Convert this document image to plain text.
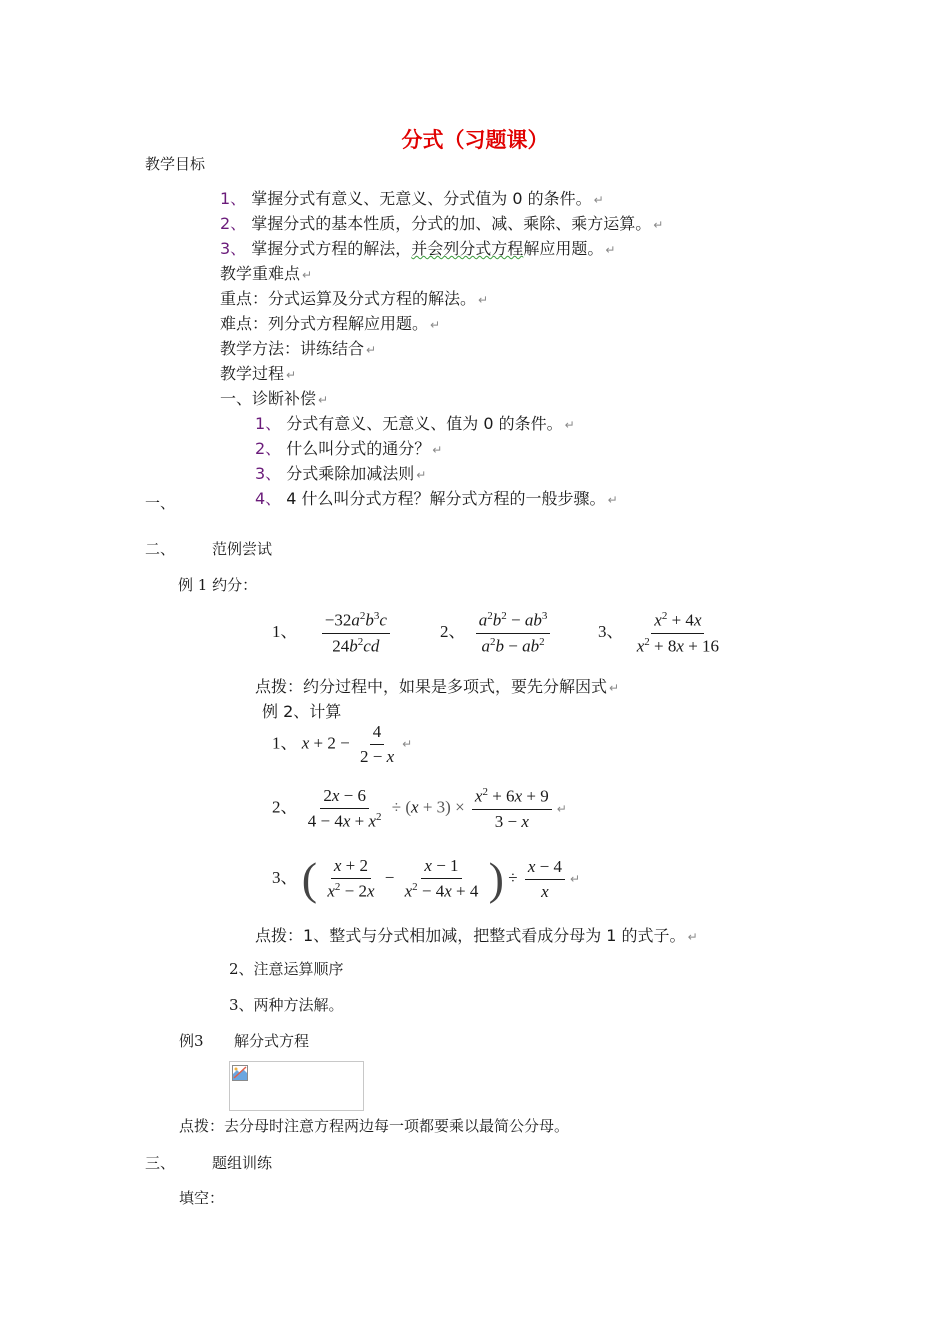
分式（习题课）
教学目标
1、 掌握分式有意义、无意义、分式值为 0 的条件。 ↵
2、 掌握分式的基本性质，分式的加、减、乘除、乘方运算。 ↵
3、 掌握分式方程的解法，并会列分式方程解应用题。 ↵
教学重难点 ↵
重点：分式运算及分式方程的解法。 ↵
难点：列分式方程解应用题。 ↵
教学方法：讲练结合 ↵
教学过程 ↵
一、诊断补偿 ↵
1、 分式有意义、无意义、值为 0 的条件。 ↵
2、 什么叫分式的通分？ ↵
3、 分式乘除加减法则 ↵
4、 4 什么叫分式方程？解分式方程的一般步骤。 ↵
一、
二、 范例尝试
例 1 约分：
1、 $\frac{-32a^2b^3c}{24b^2cd}$	2、 $\frac{a^2b^2 - ab^3}{a^2b - ab^2}$	3、 $\frac{x^2 + 4x}{x^2 + 8x + 16}$
点拨：约分过程中，如果是多项式，要先分解因式 ↵
例 2、计算
1、 $x + 2 - \frac{4}{2 - x}$ ↵
2、 $\frac{2x - 6}{4 - 4x + x^2} \div (x + 3) \times \frac{x^2 + 6x + 9}{3 - x}$ ↵
3、 ( $\frac{x + 2}{x^2 - 2x} - \frac{x - 1}{x^2 - 4x + 4}$ ) ÷ $\frac{x - 4}{x}$ ↵
点拨：1、整式与分式相加减，把整式看成分母为 1 的式子。 ↵
2、注意运算顺序
3、两种方法解。
例3 解分式方程
点拨：去分母时注意方程两边每一项都要乘以最简公分母。
三、 题组训练
填空：
